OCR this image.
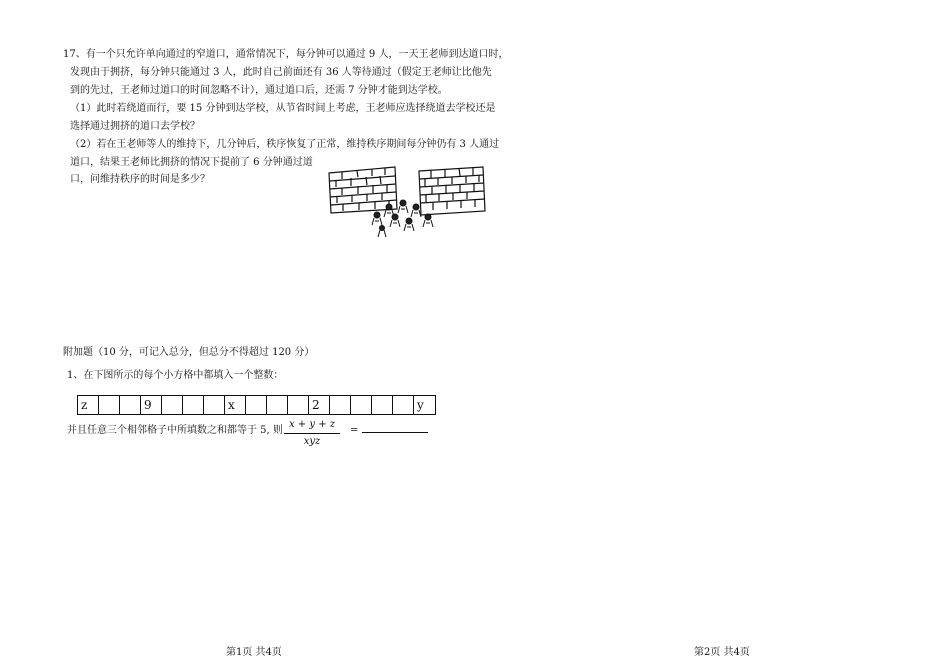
17、有一个只允许单向通过的窄道口，通常情况下，每分钟可以通过 9 人，一天王老师到达道口时，
发现由于拥挤，每分钟只能通过 3 人，此时自己前面还有 36 人等待通过（假定王老师让比他先
到的先过，王老师过道口的时间忽略不计），通过道口后，还需 7 分钟才能到达学校。
（1）此时若绕道而行，要 15 分钟到达学校，从节省时间上考虑，王老师应选择绕道去学校还是
选择通过拥挤的道口去学校？
（2）若在王老师等人的维持下，几分钟后，秩序恢复了正常，维持秩序期间每分钟仍有 3 人通过
道口，结果王老师比拥挤的情况下提前了 6 分钟通过道
口，问维持秩序的时间是多少？
附加题（10 分，可记入总分，但总分不得超过 120 分）
1、在下图所示的每个小方格中都填入一个整数：
z	9	x	2	y
并且任意三个相邻格子中所填数之和都等于 5, 则
x + y + z
xyz
=
第1页 共4页	第2页 共4页
